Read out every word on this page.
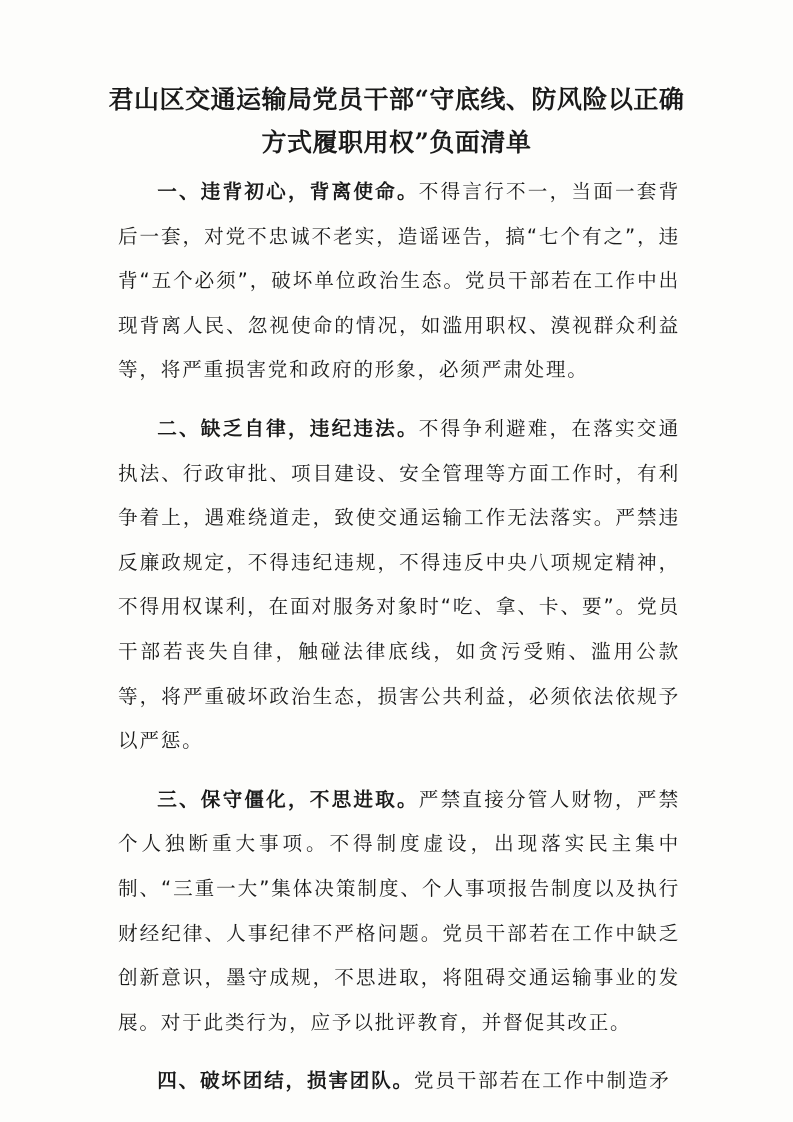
君山区交通运输局党员干部“守底线、防风险以正确
方式履职用权”负面清单

一、违背初心，背离使命。不得言行不一，当面一套背后一套，对党不忠诚不老实，造谣诬告，搞“七个有之”，违背“五个必须”，破坏单位政治生态。党员干部若在工作中出现背离人民、忽视使命的情况，如滥用职权、漠视群众利益等，将严重损害党和政府的形象，必须严肃处理。

二、缺乏自律，违纪违法。不得争利避难，在落实交通执法、行政审批、项目建设、安全管理等方面工作时，有利争着上，遇难绕道走，致使交通运输工作无法落实。严禁违反廉政规定，不得违纪违规，不得违反中央八项规定精神，不得用权谋利，在面对服务对象时“吃、拿、卡、要”。党员干部若丧失自律，触碰法律底线，如贪污受贿、滥用公款等，将严重破坏政治生态，损害公共利益，必须依法依规予以严惩。

三、保守僵化，不思进取。严禁直接分管人财物，严禁个人独断重大事项。不得制度虚设，出现落实民主集中制、“三重一大”集体决策制度、个人事项报告制度以及执行财经纪律、人事纪律不严格问题。党员干部若在工作中缺乏创新意识，墨守成规，不思进取，将阻碍交通运输事业的发展。对于此类行为，应予以批评教育，并督促其改正。

四、破坏团结，损害团队。党员干部若在工作中制造矛
